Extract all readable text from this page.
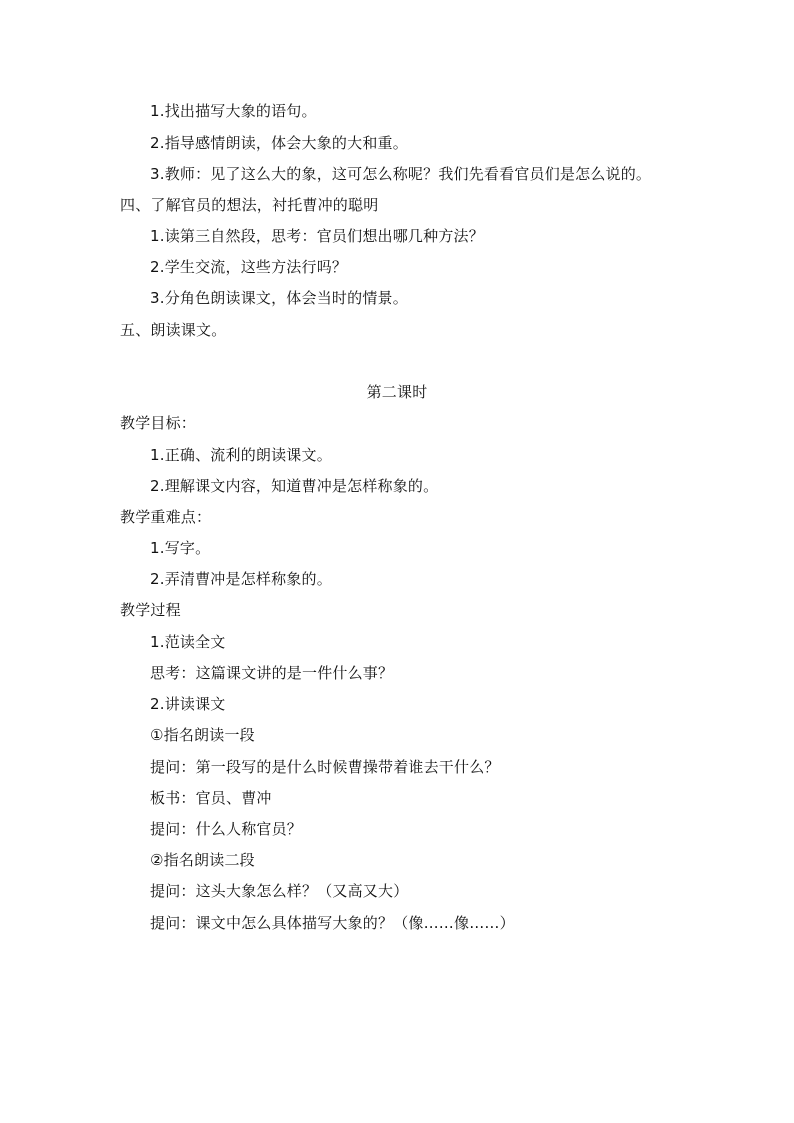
1.找出描写大象的语句。
2.指导感情朗读，体会大象的大和重。
3.教师：见了这么大的象，这可怎么称呢？我们先看看官员们是怎么说的。
四、了解官员的想法，衬托曹冲的聪明
1.读第三自然段，思考：官员们想出哪几种方法？
2.学生交流，这些方法行吗？
3.分角色朗读课文，体会当时的情景。
五、朗读课文。
第二课时
教学目标：
1.正确、流利的朗读课文。
2.理解课文内容，知道曹冲是怎样称象的。
教学重难点：
1.写字。
2.弄清曹冲是怎样称象的。
教学过程
1.范读全文
思考：这篇课文讲的是一件什么事？
2.讲读课文
①指名朗读一段
提问：第一段写的是什么时候曹操带着谁去干什么？
板书：官员、曹冲
提问：什么人称官员？
②指名朗读二段
提问：这头大象怎么样？（又高又大）
提问：课文中怎么具体描写大象的？（像……像……）
